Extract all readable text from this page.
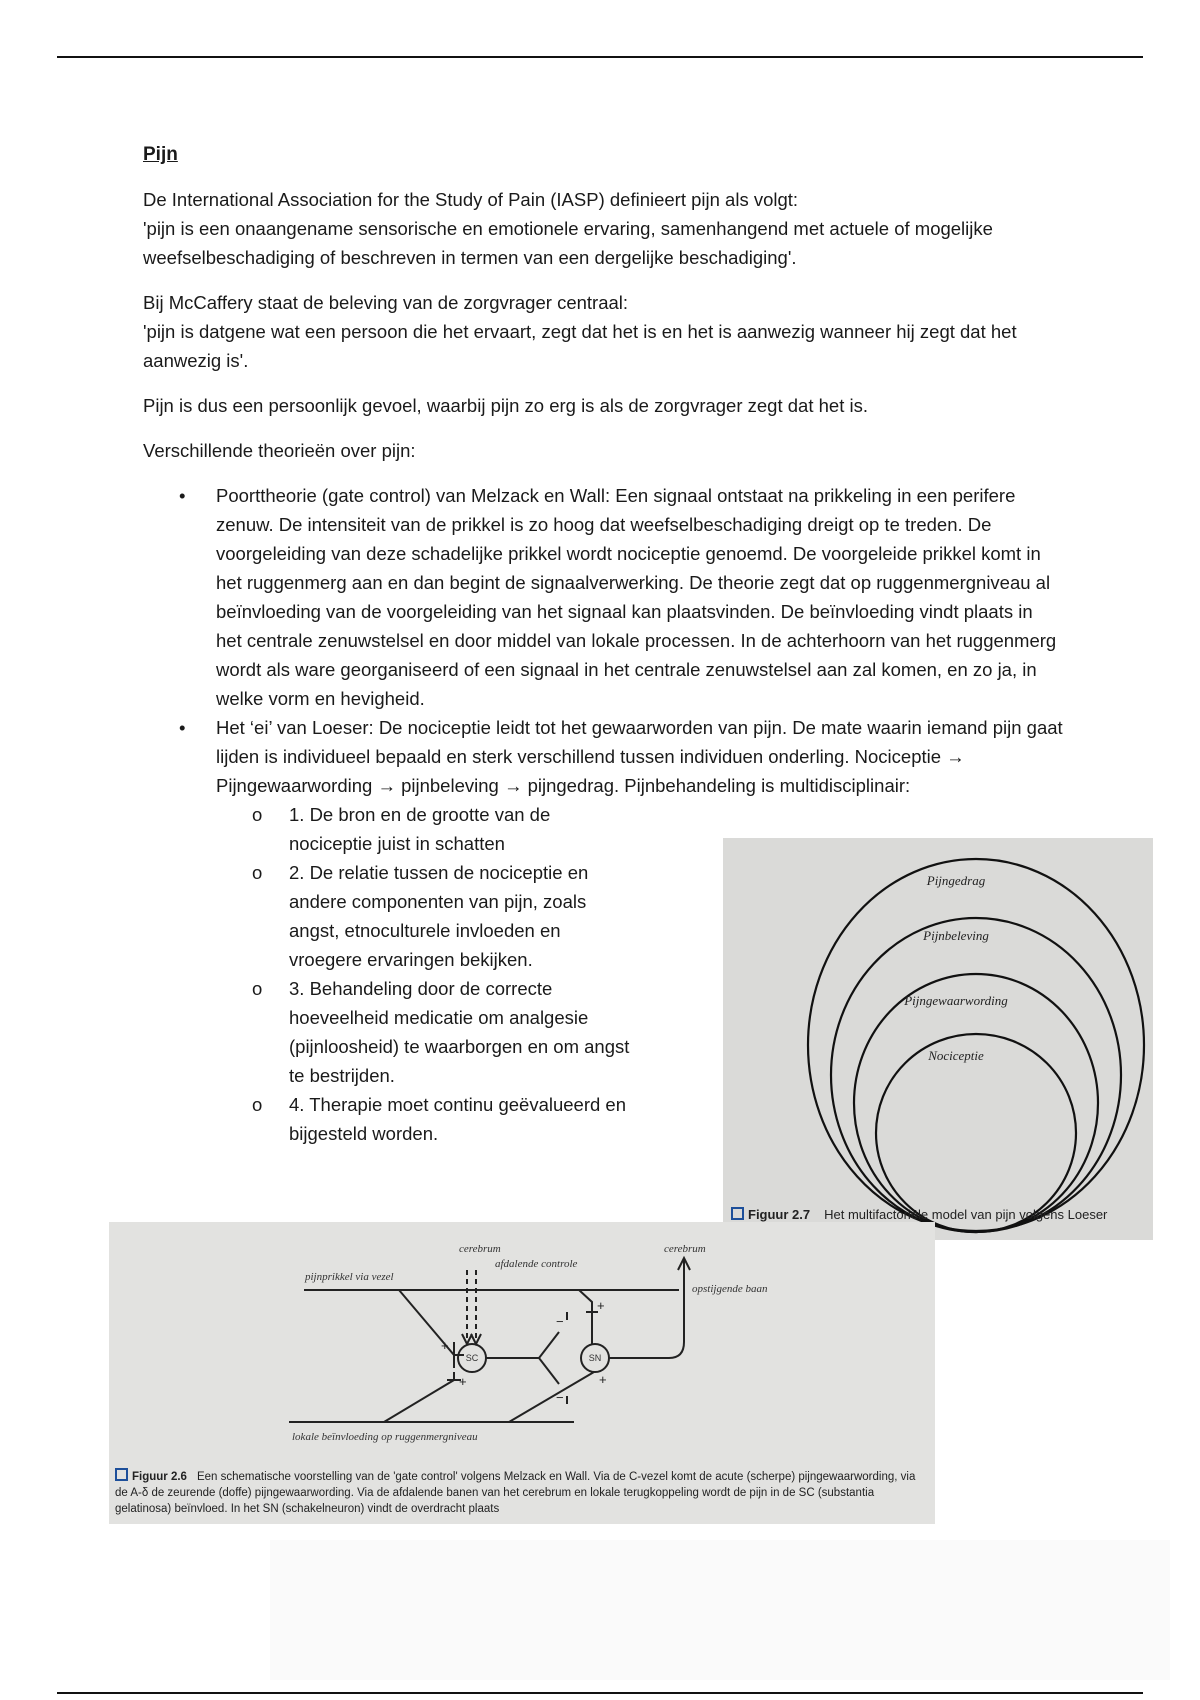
Pijn

De International Association for the Study of Pain (IASP) definieert pijn als volgt:
'pijn is een onaangename sensorische en emotionele ervaring, samenhangend met actuele of mogelijke weefselbeschadiging of beschreven in termen van een dergelijke beschadiging'.

Bij McCaffery staat de beleving van de zorgvrager centraal:
'pijn is datgene wat een persoon die het ervaart, zegt dat het is en het is aanwezig wanneer hij zegt dat het aanwezig is'.

Pijn is dus een persoonlijk gevoel, waarbij pijn zo erg is als de zorgvrager zegt dat het is.

Verschillende theorieën over pijn:

• Poorttheorie (gate control) van Melzack en Wall: Een signaal ontstaat na prikkeling in een perifere zenuw. De intensiteit van de prikkel is zo hoog dat weefselbeschadiging dreigt op te treden. De voorgeleiding van deze schadelijke prikkel wordt nociceptie genoemd. De voorgeleide prikkel komt in het ruggenmerg aan en dan begint de signaalverwerking. De theorie zegt dat op ruggenmergniveau al beïnvloeding van de voorgeleiding van het signaal kan plaatsvinden. De beïnvloeding vindt plaats in het centrale zenuwstelsel en door middel van lokale processen. In de achterhoorn van het ruggenmerg wordt als ware georganiseerd of een signaal in het centrale zenuwstelsel aan zal komen, en zo ja, in welke vorm en hevigheid.
• Het ‘ei’ van Loeser: De nociceptie leidt tot het gewaarworden van pijn. De mate waarin iemand pijn gaat lijden is individueel bepaald en sterk verschillend tussen individuen onderling. Nociceptie → Pijngewaarwording → pijnbeleving → pijngedrag. Pijnbehandeling is multidisciplinair:
o 1. De bron en de grootte van de nociceptie juist in schatten
o 2. De relatie tussen de nociceptie en andere componenten van pijn, zoals angst, etnoculturele invloeden en vroegere ervaringen bekijken.
o 3. Behandeling door de correcte hoeveelheid medicatie om analgesie (pijnloosheid) te waarborgen en om angst te bestrijden.
o 4. Therapie moet continu geëvalueerd en bijgesteld worden.
Pijngedrag
Pijnbeleving
Pijngewaarwording
Nociceptie
Figuur 2.7 Het multifactoriële model van pijn volgens Loeser
cerebrum	cerebrum
afdalende controle
pijnprikkel via vezel
opstijgende baan
lokale beïnvloeding op ruggenmergniveau
SC	SN
+
+
−
−
+
+
Figuur 2.6 Een schematische voorstelling van de 'gate control' volgens Melzack en Wall. Via de C-vezel komt de acute (scherpe) pijngewaarwording, via de A-δ de zeurende (doffe) pijngewaarwording. Via de afdalende banen van het cerebrum en lokale terugkoppeling wordt de pijn in de SC (substantia gelatinosa) beïnvloed. In het SN (schakelneuron) vindt de overdracht plaats
